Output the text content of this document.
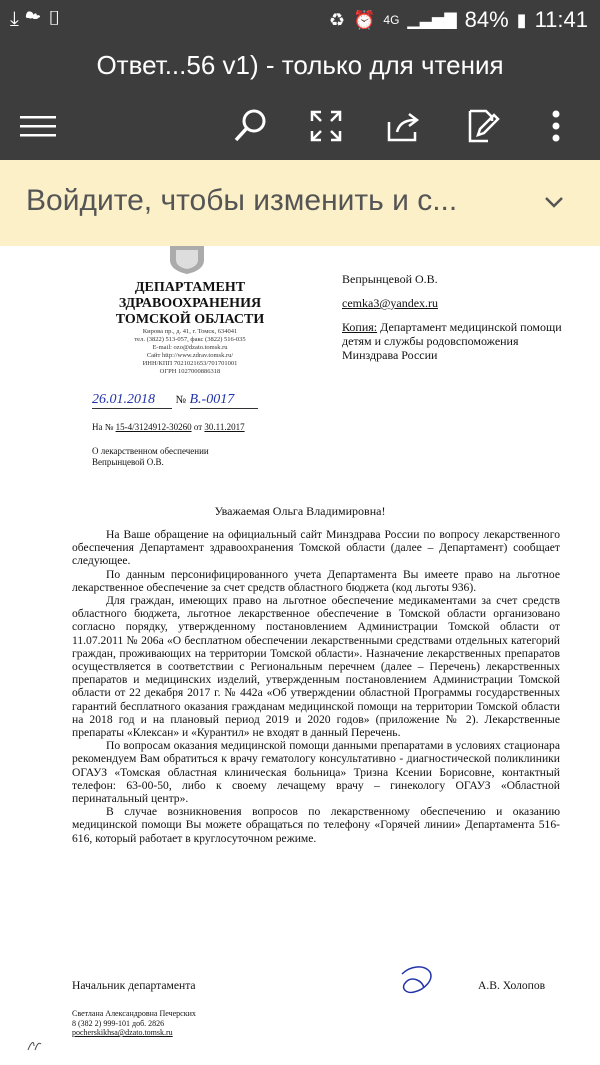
⤓☁▯	♻ ⏰ 4G ▁▃▅▇ 84% ▮ 11:41
Ответ...56 v1) - только для чтения
Войдите, чтобы изменить и с...
ДЕПАРТАМЕНТ
ЗДРАВООХРАНЕНИЯ
ТОМСКОЙ ОБЛАСТИ
Кирова пр., д. 41, г. Томск, 634041
тел. (3822) 513-057, факс (3822) 516-035
E-mail: ozo@dzato.tomsk.ru
Сайт http://www.zdrav.tomsk.ru/
ИНН/КПП 7021021653/701701001
ОГРН 1027000886318
26.01.2018 № В.-0017
На № 15-4/3124912-30260 от 30.11.2017
О лекарственном обеспечении
Вепрынцевой О.В.
Вепрынцевой О.В.
cemka3@yandex.ru
Копия: Департамент медицинской помощи детям и службы родовспоможения Минздрава России
Уважаемая Ольга Владимировна!

На Ваше обращение на официальный сайт Минздрава России по вопросу лекарственного обеспечения Департамент здравоохранения Томской области (далее – Департамент) сообщает следующее.

По данным персонифицированного учета Департамента Вы имеете право на льготное лекарственное обеспечение за счет средств областного бюджета (код льготы 936).

Для граждан, имеющих право на льготное обеспечение медикаментами за счет средств областного бюджета, льготное лекарственное обеспечение в Томской области организовано согласно порядку, утвержденному постановлением Администрации Томской области от 11.07.2011 № 206а «О бесплатном обеспечении лекарственными средствами отдельных категорий граждан, проживающих на территории Томской области». Назначение лекарственных препаратов осуществляется в соответствии с Региональным перечнем (далее – Перечень) лекарственных препаратов и медицинских изделий, утвержденным постановлением Администрации Томской области от 22 декабря 2017 г. № 442а «Об утверждении областной Программы государственных гарантий бесплатного оказания гражданам медицинской помощи на территории Томской области на 2018 год и на плановый период 2019 и 2020 годов» (приложение № 2). Лекарственные препараты «Клексан» и «Курантил» не входят в данный Перечень.

По вопросам оказания медицинской помощи данными препаратами в условиях стационара рекомендуем Вам обратиться к врачу гематологу консультативно - диагностической поликлиники ОГАУЗ «Томская областная клиническая больница» Тризна Ксении Борисовне, контактный телефон: 63-00-50, либо к своему лечащему врачу – гинекологу ОГАУЗ «Областной перинатальный центр».

В случае возникновения вопросов по лекарственному обеспечению и оказанию медицинской помощи Вы можете обращаться по телефону «Горячей линии» Департамента 516-616, который работает в круглосуточном режиме.

Начальник департамента	А.В. Холопов
Светлана Александровна Печерских
8 (382 2) 999-101 доб. 2826
pocherskikhsa@dzato.tomsk.ru
